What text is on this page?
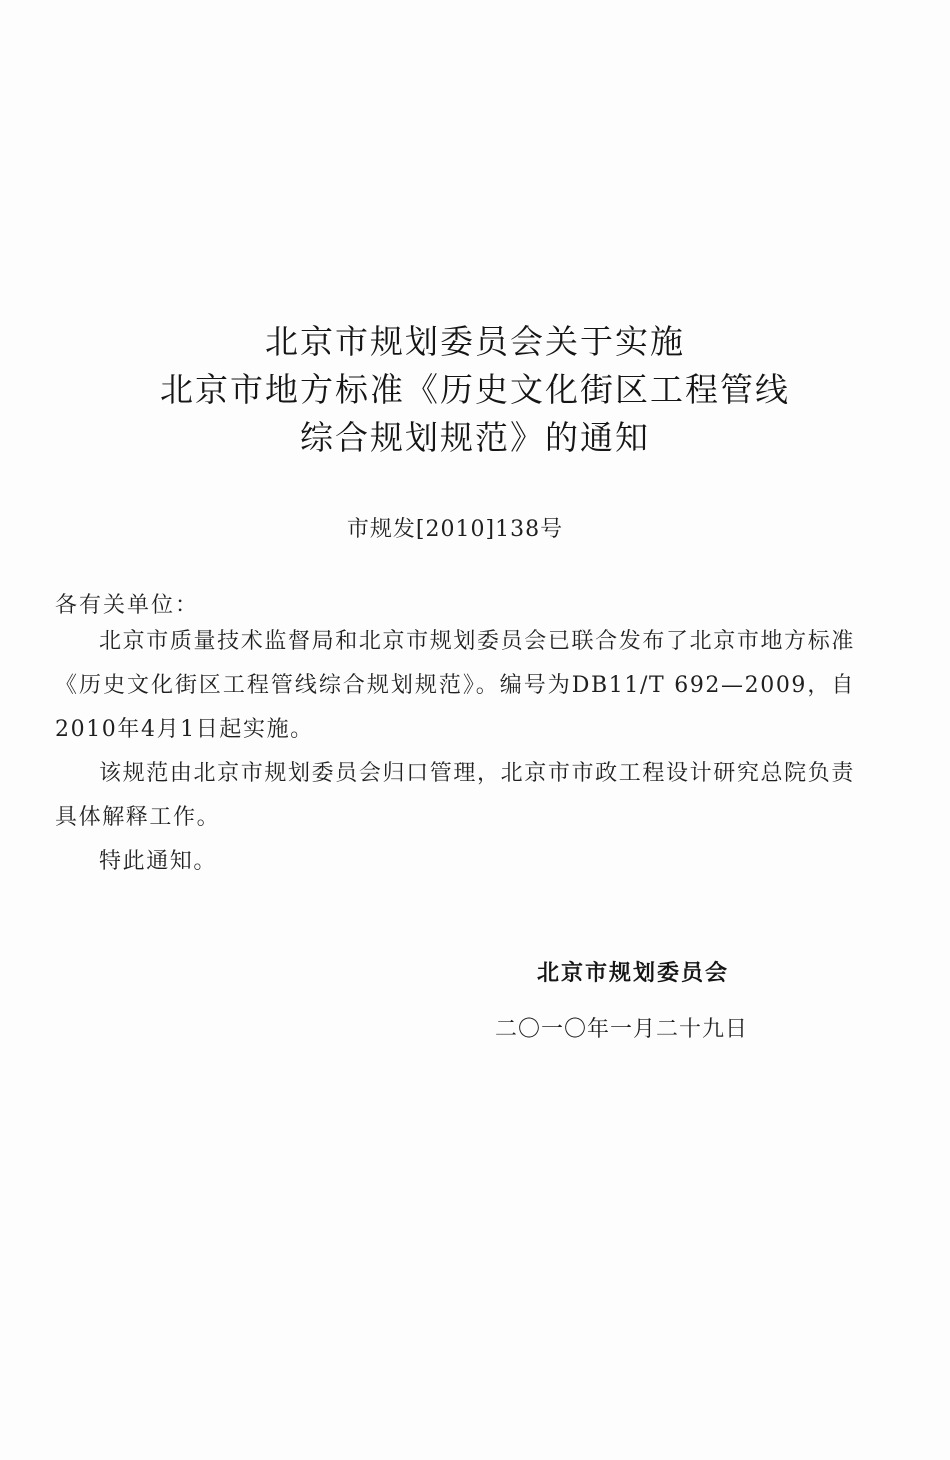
北京市规划委员会关于实施
北京市地方标准《历史文化街区工程管线
综合规划规范》的通知
市规发[2010]138号
各有关单位：

北京市质量技术监督局和北京市规划委员会已联合发布了北京市地方标准《历史文化街区工程管线综合规划规范》。编号为DB11/T 692—2009，自2010年4月1日起实施。

该规范由北京市规划委员会归口管理，北京市市政工程设计研究总院负责具体解释工作。

特此通知。

北京市规划委员会
二〇一〇年一月二十九日
